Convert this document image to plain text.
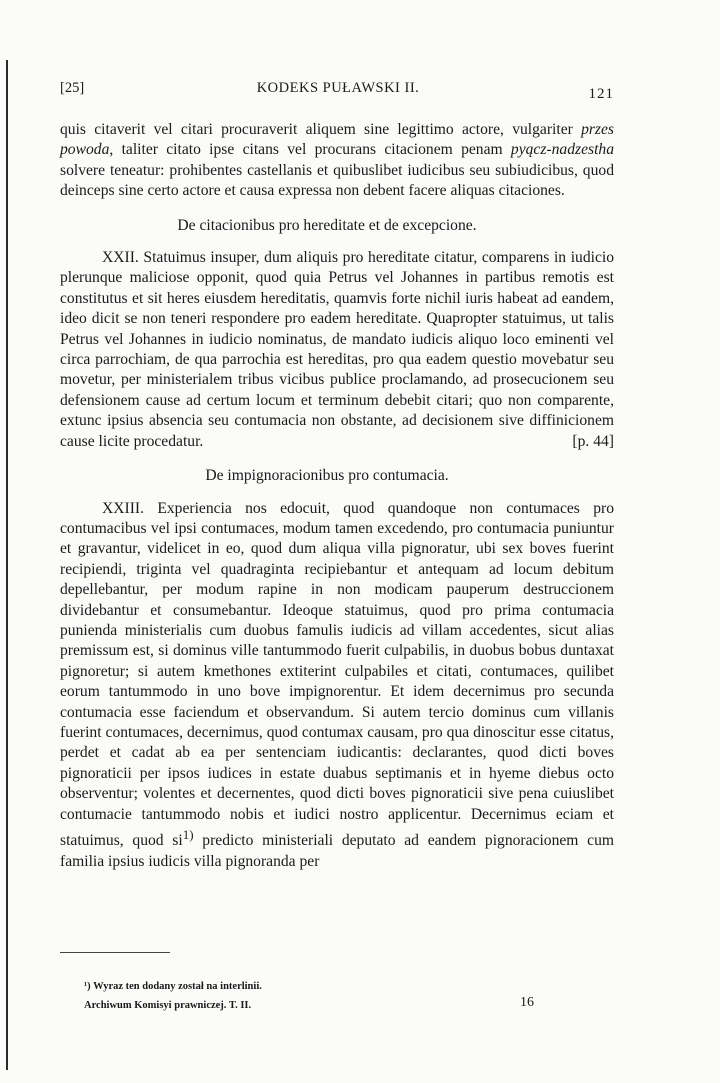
[25]	KODEKS PUŁAWSKI II.	121

quis citaverit vel citari procuraverit aliquem sine legittimo actore, vulgariter przes powoda, taliter citato ipse citans vel procurans citacionem penam pyącz-nadzestha solvere teneatur: prohibentes castellanis et quibuslibet iudicibus seu subiudicibus, quod deinceps sine certo actore et causa expressa non debent facere aliquas citaciones.

De citacionibus pro hereditate et de excepcione.

XXII. Statuimus insuper, dum aliquis pro hereditate citatur, comparens in iudicio plerunque maliciose opponit, quod quia Petrus vel Johannes in partibus remotis est constitutus et sit heres eiusdem hereditatis, quamvis forte nichil iuris habeat ad eandem, ideo dicit se non teneri respondere pro eadem hereditate. Quapropter statuimus, ut talis Petrus vel Johannes in iudicio nominatus, de mandato iudicis aliquo loco eminenti vel circa parrochiam, de qua parrochia est hereditas, pro qua eadem questio movebatur seu movetur, per ministerialem tribus vicibus publice proclamando, ad prosecucionem seu defensionem cause ad certum locum et terminum debebit citari; quo non comparente, extunc ipsius absencia seu contumacia non obstante, ad decisionem sive diffinicionem cause licite procedatur.	[p. 44]

De impignoracionibus pro contumacia.

XXIII. Experiencia nos edocuit, quod quandoque non contumaces pro contumacibus vel ipsi contumaces, modum tamen excedendo, pro contumacia puniuntur et gravantur, videlicet in eo, quod dum aliqua villa pignoratur, ubi sex boves fuerint recipiendi, triginta vel quadraginta recipiebantur et antequam ad locum debitum depellebantur, per modum rapine in non modicam pauperum destruccionem dividebantur et consumebantur. Ideoque statuimus, quod pro prima contumacia punienda ministerialis cum duobus famulis iudicis ad villam accedentes, sicut alias premissum est, si dominus ville tantummodo fuerit culpabilis, in duobus bobus duntaxat pignoretur; si autem kmethones extiterint culpabiles et citati, contumaces, quilibet eorum tantummodo in uno bove impignorentur. Et idem decernimus pro secunda contumacia esse faciendum et observandum. Si autem tercio dominus cum villanis fuerint contumaces, decernimus, quod contumax causam, pro qua dinoscitur esse citatus, perdet et cadat ab ea per sentenciam iudicantis: declarantes, quod dicti boves pignoraticii per ipsos iudices in estate duabus septimanis et in hyeme diebus octo observentur; volentes et decernentes, quod dicti boves pignoraticii sive pena cuiuslibet contumacie tantummodo nobis et iudici nostro applicentur. Decernimus eciam et statuimus, quod $si^{1)}$ predicto ministeriali deputato ad eandem pignoracionem cum familia ipsius iudicis villa pignoranda per

¹) Wyraz ten dodany został na interlinii.
Archiwum Komisyi prawniczej. T. II.	16
